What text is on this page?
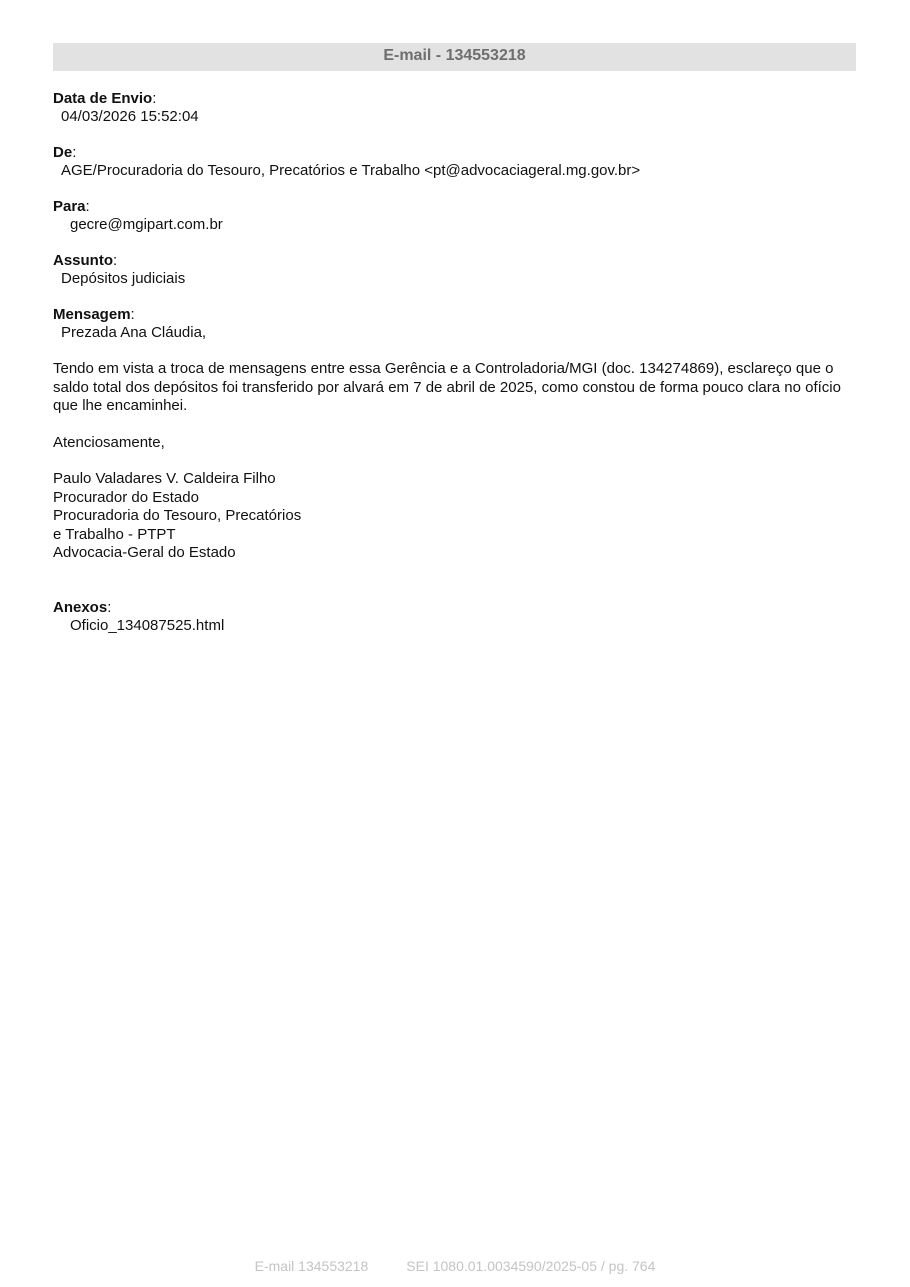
E-mail - 134553218
Data de Envio:
04/03/2026 15:52:04
De:
AGE/Procuradoria do Tesouro, Precatórios e Trabalho <pt@advocaciageral.mg.gov.br>
Para:
gecre@mgipart.com.br
Assunto:
Depósitos judiciais
Mensagem:
Prezada Ana Cláudia,

Tendo em vista a troca de mensagens entre essa Gerência e a Controladoria/MGI (doc. 134274869), esclareço que o saldo total dos depósitos foi transferido por alvará em 7 de abril de 2025, como constou de forma pouco clara no ofício que lhe encaminhei.

Atenciosamente,
Paulo Valadares V. Caldeira Filho
Procurador do Estado
Procuradoria do Tesouro, Precatórios
e Trabalho - PTPT
Advocacia-Geral do Estado
Anexos:
Oficio_134087525.html
E-mail 134553218	SEI 1080.01.0034590/2025-05 / pg. 764
